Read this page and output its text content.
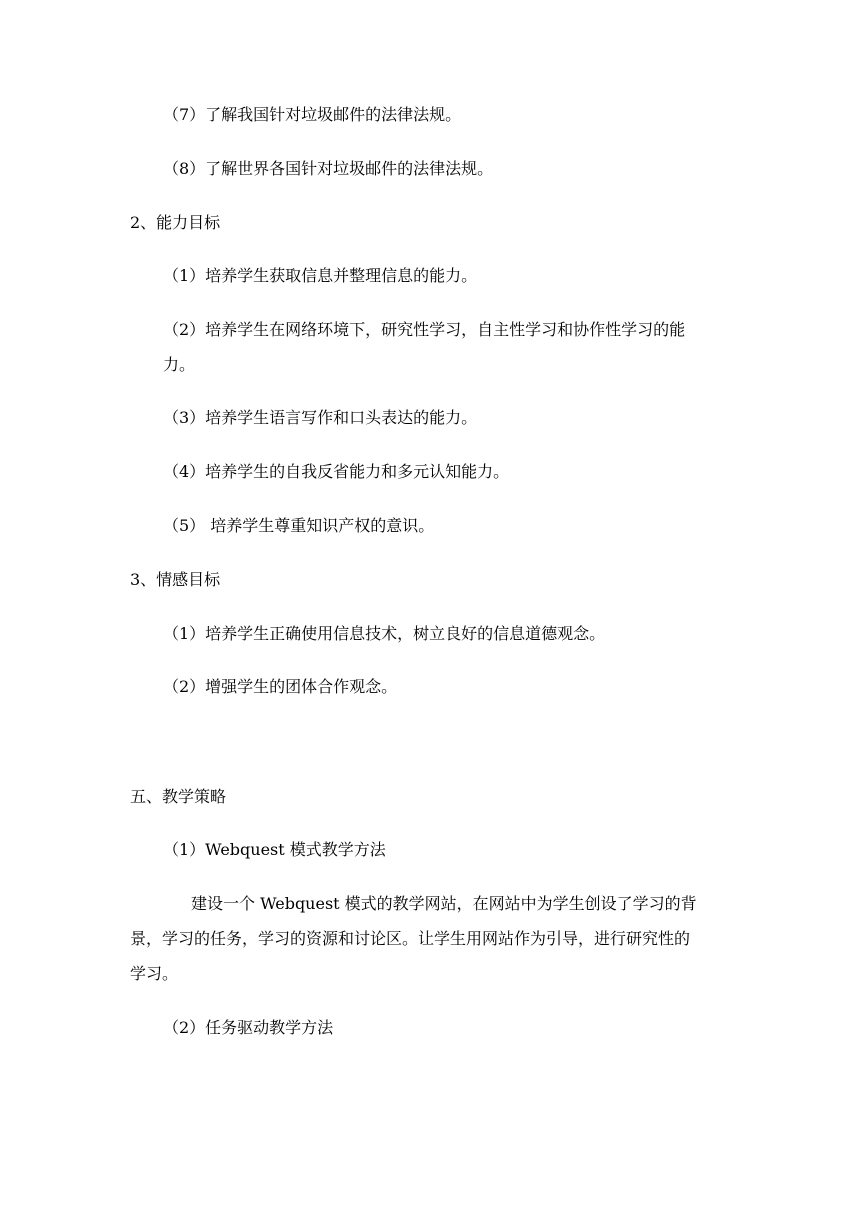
（7）了解我国针对垃圾邮件的法律法规。
（8）了解世界各国针对垃圾邮件的法律法规。
2、能力目标
（1）培养学生获取信息并整理信息的能力。
（2）培养学生在网络环境下，研究性学习，自主性学习和协作性学习的能
力。
（3）培养学生语言写作和口头表达的能力。
（4）培养学生的自我反省能力和多元认知能力。
（5） 培养学生尊重知识产权的意识。
3、情感目标
（1）培养学生正确使用信息技术，树立良好的信息道德观念。
（2）增强学生的团体合作观念。
五、教学策略
（1）Webquest 模式教学方法
建设一个 Webquest 模式的教学网站，在网站中为学生创设了学习的背
景，学习的任务，学习的资源和讨论区。让学生用网站作为引导，进行研究性的
学习。
（2）任务驱动教学方法
